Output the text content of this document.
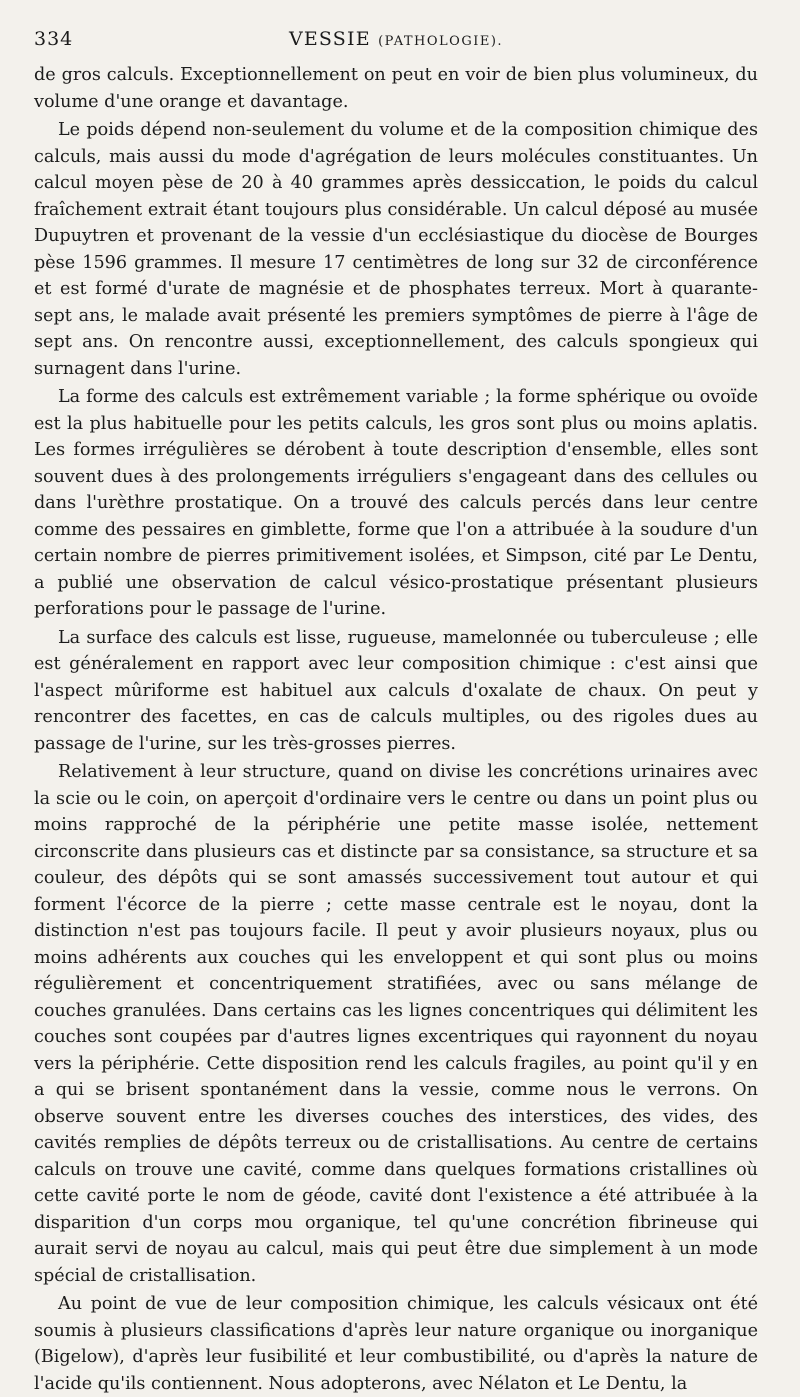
334	VESSIE (PATHOLOGIE).

de gros calculs. Exceptionnellement on peut en voir de bien plus volumineux, du volume d'une orange et davantage.

Le poids dépend non-seulement du volume et de la composition chimique des calculs, mais aussi du mode d'agrégation de leurs molécules constituantes. Un calcul moyen pèse de 20 à 40 grammes après dessiccation, le poids du calcul fraîchement extrait étant toujours plus considérable. Un calcul déposé au musée Dupuytren et provenant de la vessie d'un ecclésiastique du diocèse de Bourges pèse 1596 grammes. Il mesure 17 centimètres de long sur 32 de circonférence et est formé d'urate de magnésie et de phosphates terreux. Mort à quarante-sept ans, le malade avait présenté les premiers symptômes de pierre à l'âge de sept ans. On rencontre aussi, exceptionnellement, des calculs spongieux qui surnagent dans l'urine.

La forme des calculs est extrêmement variable ; la forme sphérique ou ovoïde est la plus habituelle pour les petits calculs, les gros sont plus ou moins aplatis. Les formes irrégulières se dérobent à toute description d'ensemble, elles sont souvent dues à des prolongements irréguliers s'engageant dans des cellules ou dans l'urèthre prostatique. On a trouvé des calculs percés dans leur centre comme des pessaires en gimblette, forme que l'on a attribuée à la soudure d'un certain nombre de pierres primitivement isolées, et Simpson, cité par Le Dentu, a publié une observation de calcul vésico-prostatique présentant plusieurs perforations pour le passage de l'urine.

La surface des calculs est lisse, rugueuse, mamelonnée ou tuberculeuse ; elle est généralement en rapport avec leur composition chimique : c'est ainsi que l'aspect mûriforme est habituel aux calculs d'oxalate de chaux. On peut y rencontrer des facettes, en cas de calculs multiples, ou des rigoles dues au passage de l'urine, sur les très-grosses pierres.

Relativement à leur structure, quand on divise les concrétions urinaires avec la scie ou le coin, on aperçoit d'ordinaire vers le centre ou dans un point plus ou moins rapproché de la périphérie une petite masse isolée, nettement circonscrite dans plusieurs cas et distincte par sa consistance, sa structure et sa couleur, des dépôts qui se sont amassés successivement tout autour et qui forment l'écorce de la pierre ; cette masse centrale est le noyau, dont la distinction n'est pas toujours facile. Il peut y avoir plusieurs noyaux, plus ou moins adhérents aux couches qui les enveloppent et qui sont plus ou moins régulièrement et concentriquement stratifiées, avec ou sans mélange de couches granulées. Dans certains cas les lignes concentriques qui délimitent les couches sont coupées par d'autres lignes excentriques qui rayonnent du noyau vers la périphérie. Cette disposition rend les calculs fragiles, au point qu'il y en a qui se brisent spontanément dans la vessie, comme nous le verrons. On observe souvent entre les diverses couches des interstices, des vides, des cavités remplies de dépôts terreux ou de cristallisations. Au centre de certains calculs on trouve une cavité, comme dans quelques formations cristallines où cette cavité porte le nom de géode, cavité dont l'existence a été attribuée à la disparition d'un corps mou organique, tel qu'une concrétion fibrineuse qui aurait servi de noyau au calcul, mais qui peut être due simplement à un mode spécial de cristallisation.

Au point de vue de leur composition chimique, les calculs vésicaux ont été soumis à plusieurs classifications d'après leur nature organique ou inorganique (Bigelow), d'après leur fusibilité et leur combustibilité, ou d'après la nature de l'acide qu'ils contiennent. Nous adopterons, avec Nélaton et Le Dentu, la
